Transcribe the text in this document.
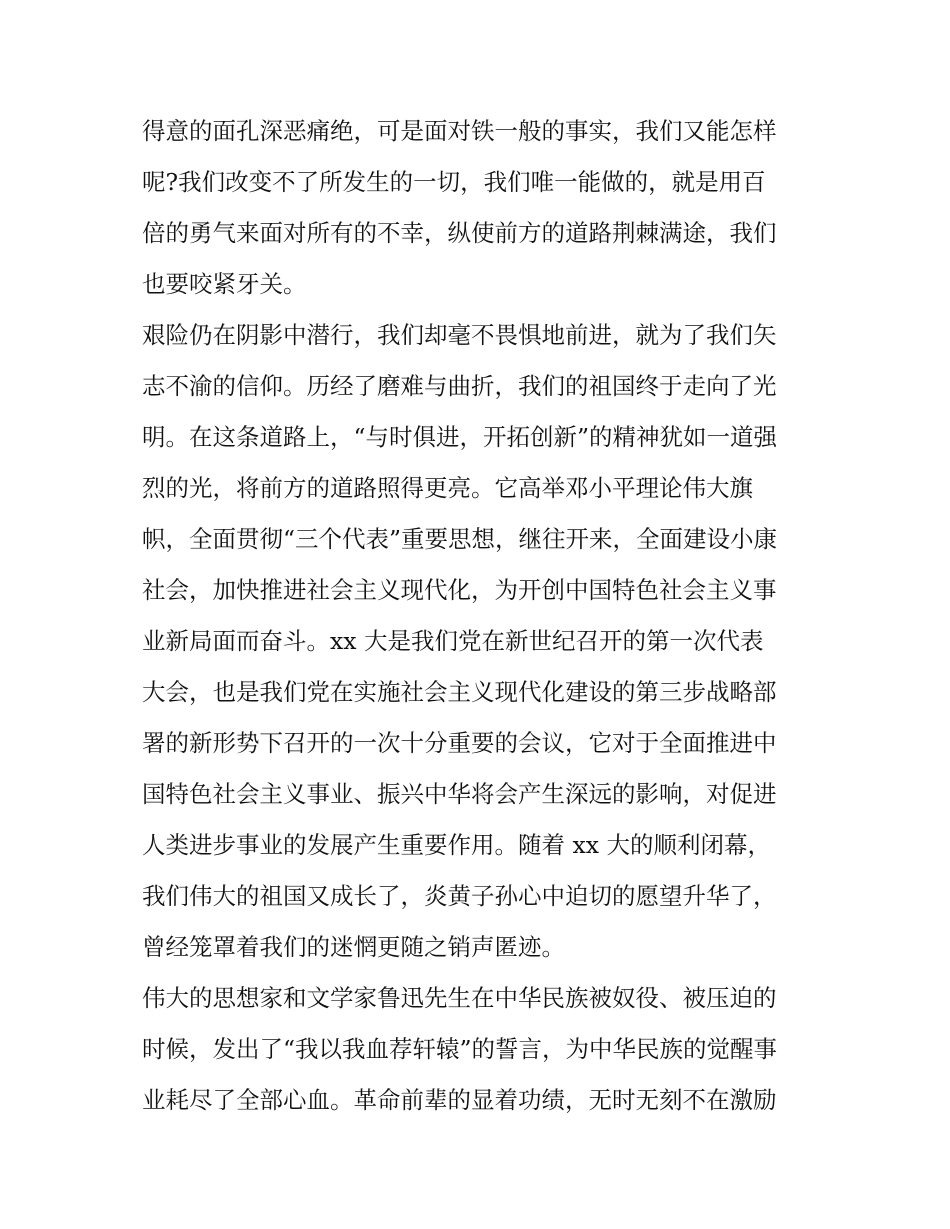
得意的面孔深恶痛绝，可是面对铁一般的事实，我们又能怎样
呢?我们改变不了所发生的一切，我们唯一能做的，就是用百
倍的勇气来面对所有的不幸，纵使前方的道路荆棘满途，我们
也要咬紧牙关。
艰险仍在阴影中潜行，我们却毫不畏惧地前进，就为了我们矢
志不渝的信仰。历经了磨难与曲折，我们的祖国终于走向了光
明。在这条道路上，“与时俱进，开拓创新”的精神犹如一道强
烈的光，将前方的道路照得更亮。它高举邓小平理论伟大旗
帜，全面贯彻“三个代表”重要思想，继往开来，全面建设小康
社会，加快推进社会主义现代化，为开创中国特色社会主义事
业新局面而奋斗。xx 大是我们党在新世纪召开的第一次代表
大会，也是我们党在实施社会主义现代化建设的第三步战略部
署的新形势下召开的一次十分重要的会议，它对于全面推进中
国特色社会主义事业、振兴中华将会产生深远的影响，对促进
人类进步事业的发展产生重要作用。随着 xx 大的顺利闭幕，
我们伟大的祖国又成长了，炎黄子孙心中迫切的愿望升华了，
曾经笼罩着我们的迷惘更随之销声匿迹。
伟大的思想家和文学家鲁迅先生在中华民族被奴役、被压迫的
时候，发出了“我以我血荐轩辕”的誓言，为中华民族的觉醒事
业耗尽了全部心血。革命前辈的显着功绩，无时无刻不在激励
